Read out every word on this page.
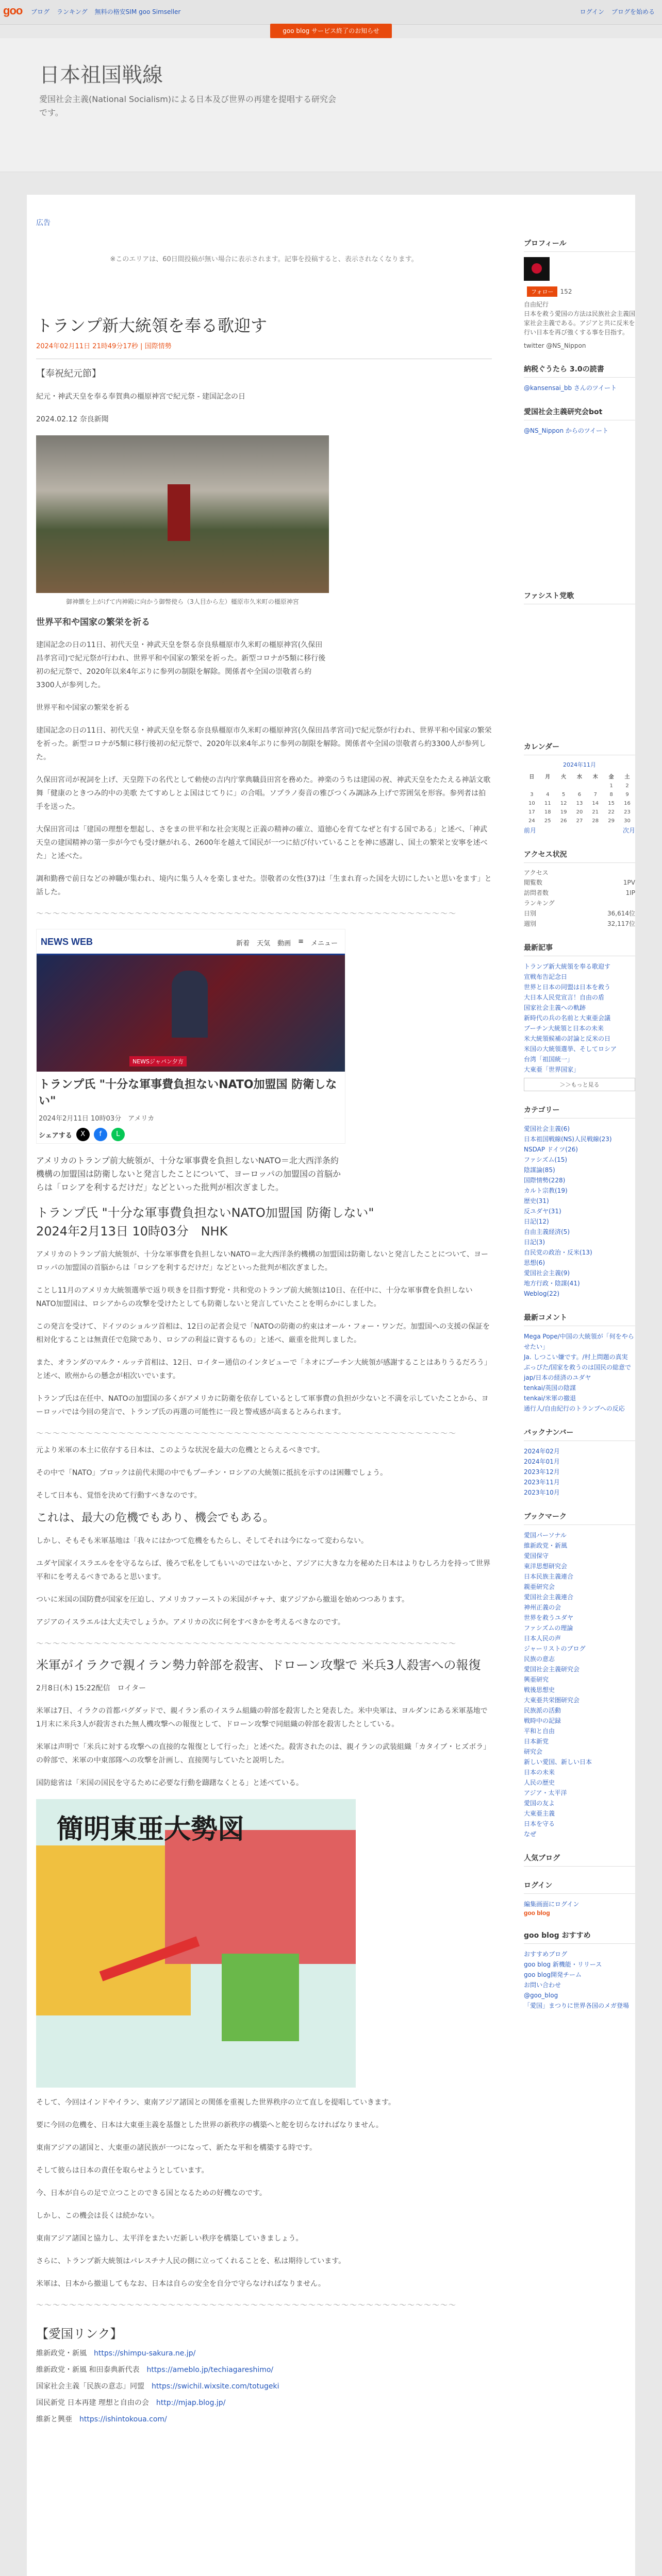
goo ブログ ランキング 無料の格安SIM goo Simseller	ログイン ブログを始める
goo blog サービス終了のお知らせ
日本祖国戦線
愛国社会主義(National Socialism)による日本及び世界の再建を提唱する研究会です。
広告
※このエリアは、60日間投稿が無い場合に表示されます。記事を投稿すると、表示されなくなります。
トランプ新大統領を奉る歌迎す
2024年02月11日 21時49分17秒 | 国際情勢
【奉祝紀元節】
紀元・神武天皇を奉る奉賀典の橿原神宮で紀元祭 - 建国記念の日
2024.02.12 奈良新聞
御神饌を上がげて内神殿に向かう御幣使ら（3人目から左）橿原市久米町の橿原神宮
世界平和や国家の繁栄を祈る
建国記念の日の11日、初代天皇・神武天皇を祭る奈良県橿原市久米町の橿原神宮(久保田昌孝宮司)で紀元祭が行われ、世界平和や国家の繁栄を祈った。新型コロナが5類に移行後初の紀元祭で、2020年以来4年ぶりに参列の制限を解除。関係者や全国の崇敬者ら約3300人が参列した。
世界平和や国家の繁栄を祈る
建国記念の日の11日、初代天皇・神武天皇を祭る奈良県橿原市久米町の橿原神宮(久保田昌孝宮司)で紀元祭が行われ、世界平和や国家の繁栄を祈った。新型コロナが5類に移行後初の紀元祭で、2020年以来4年ぶりに参列の制限を解除。関係者や全国の崇敬者ら約3300人が参列した。
久保田宮司が祝詞を上げ、天皇陛下の名代として勅使の吉内庁掌典職員田宮を務めた。神楽のうちは建国の祝、神武天皇をたたえる神話文歌舞「健康のときつみ的中の美歌 たてすめしとよ国はじてりに」の合唱。ソプラノ奏音の雅びつくみ調詠み上げで雰囲気を形容。参列者は拍手を送った。
大保田宮司は「建国の理想を想起し、さをまの世平和な社会実現と正義の精神の確立、道徳心を育てなぜと有する国である」と述べ、「神武天皇の建国精神の第一歩が今でも受け継がれる、2600年を越えて国民が一つに結び付いていることを神に感謝し、国土の繁栄と安寧を述べた」と述べた。
調和勤務で前日などの神職が集われ、境内に集う人々を楽しませた。崇敬者の女性(37)は「生まれ育った国を大切にしたいと思いをます」と話した。
〜〜〜〜〜〜〜〜〜〜〜〜〜〜〜〜〜〜〜〜〜〜〜〜〜〜〜〜〜〜〜〜〜〜〜〜〜〜〜〜〜〜〜〜〜〜〜〜〜〜〜
NEWS WEB	新着 天気 動画 ≡ メニュー
NEWSジャパン夕方
トランプ氏 "十分な軍事費負担ないNATO加盟国 防衛しない"
2024年2月11日 10時03分　 アメリカ
シェアする	X	f	L
アメリカのトランプ前大統領が、十分な軍事費を負担しないNATO＝北大西洋条約機構の加盟国は防衛しないと発言したことについて、ヨーロッパの加盟国の首脳からは「ロシアを利するだけだ」などといった批判が相次ぎました。
トランプ氏 "十分な軍事費負担ないNATO加盟国 防衛しない"
2024年2月13日 10時03分　NHK
アメリカのトランプ前大統領が、十分な軍事費を負担しないNATO＝北大西洋条約機構の加盟国は防衛しないと発言したことについて、ヨーロッパの加盟国の首脳からは「ロシアを利するだけだ」などといった批判が相次ぎました。
ことし11月のアメリカ大統領選挙で返り咲きを目指す野党・共和党のトランプ前大統領は10日、在任中に、十分な軍事費を負担しないNATO加盟国は、ロシアからの攻撃を受けたとしても防衛しないと発言していたことを明らかにしました。
この発言を受けて、ドイツのショルツ首相は、12日の記者会見で「NATOの防衛の約束はオール・フォー・ワンだ。加盟国への支援の保証を相対化することは無責任で危険であり、ロシアの利益に資するもの」と述べ、厳重を批判しました。
また、オランダのマルク・ルッテ首相は、12日、ロイター通信のインタビューで「ネオにプーチン大統領が感謝することはありうるだろう」と述べ、欧州からの懸念が相次いでいます。
トランプ氏は在任中、NATOの加盟国の多くがアメリカに防衛を依存しているとして軍事費の負担が少ないと不満を示していたことから、ヨーロッパでは今回の発言で、トランプ氏の再選の可能性に一段と警戒感が高まるとみられます。
〜〜〜〜〜〜〜〜〜〜〜〜〜〜〜〜〜〜〜〜〜〜〜〜〜〜〜〜〜〜〜〜〜〜〜〜〜〜〜〜〜〜〜〜〜〜〜〜〜〜〜
元より米軍の本土に依存する日本は、このような状況を最大の危機ととらえるべきです。
その中で「NATO」ブロックは前代未聞の中でもプーチン・ロシアの大統領に抵抗を示すのは困難でしょう。
そして日本も、覚悟を決めて行動すべきなのです。
これは、最大の危機でもあり、機会でもある。
しかし、そもそも米軍基地は「我々にはかつて危機をもたらし、そしてそれは今になって変わらない。
ユダヤ国家イスラエルをを守るならば、後ろで私をしてもいいのではないかと、アジアに大きな力を秘めた日本はよりむしろ力を持って世界平和にを考えるべきであると思います。
ついに米国の国防費が国家を圧迫し、アメリカファーストの米国がチャナ、東アジアから撤退を始めつつあります。
アジアのイスラエルは大丈夫でしょうか。アメリカの次に何をすべきかを考えるべきなのです。
〜〜〜〜〜〜〜〜〜〜〜〜〜〜〜〜〜〜〜〜〜〜〜〜〜〜〜〜〜〜〜〜〜〜〜〜〜〜〜〜〜〜〜〜〜〜〜〜〜〜〜
米軍がイラクで親イラン勢力幹部を殺害、ドローン攻撃で 米兵3人殺害への報復
2月8日(木) 15:22配信　ロイター
米軍は7日、イラクの首都バグダッドで、親イラン系のイスラム組織の幹部を殺害したと発表した。米中央軍は、ヨルダンにある米軍基地で1月末に米兵3人が殺害された無人機攻撃への報復として、ドローン攻撃で同組織の幹部を殺害したとしている。
米軍は声明で「米兵に対する攻撃への直接的な報復として行った」と述べた。殺害されたのは、親イランの武装組織「カタイブ・ヒズボラ」の幹部で、米軍の中東部隊への攻撃を計画し、直接関与していたと説明した。
国防総省は「米国の国民を守るために必要な行動を躊躇なくとる」と述べている。
簡明東亜大勢図
そして、今回はインドやイラン、東南アジア諸国との関係を重視した世界秩序の立て直しを提唱していきます。
要に今回の危機を、日本は大東亜主義を基盤とした世界の新秩序の構築へと舵を切らなければなりません。
東南アジアの諸国と、大東亜の諸民族が一つになって、新たな平和を構築する時です。
そして彼らは日本の責任を取らせようとしています。
今、日本が自らの足で立つことのできる国となるための好機なのです。
しかし、この機会は長くは続かない。
東南アジア諸国と協力し、太平洋をまたいだ新しい秩序を構築していきましょう。
さらに、トランプ新大統領はパレスチナ人民の側に立ってくれることを、私は期待しています。
米軍は、日本から撤退してもなお、日本は自らの安全を自分で守らなければなりません。
〜〜〜〜〜〜〜〜〜〜〜〜〜〜〜〜〜〜〜〜〜〜〜〜〜〜〜〜〜〜〜〜〜〜〜〜〜〜〜〜〜〜〜〜〜〜〜〜〜〜〜
【愛国リンク】
維新政党・新風　 https://shimpu-sakura.ne.jp/
維新政党・新風 和田泰典新代表　 https://ameblo.jp/techiagareshimo/
国家社会主義「民族の意志」同盟　 https://swichil.wixsite.com/totugeki
国民新党 日本再建 理想と自由の会　 http://mjap.blog.jp/
維新と興亜　 https://ishintokoua.com/
プロフィール
フォロー 152
自由紀行
日本を救う愛国の方法は民族社会主義国家社会主義である。アジアと共に反米を行い日本を再び強くする事を目指す。
twitter @NS_Nippon
納税ぐうたら 3.0の読書
@kansensai_bb さんのツイート
愛国社会主義研究会bot
@NS_Nippon からのツイート
ファシスト党歌
カレンダー
2024年11月
日	月	火	水	木	金	土
					1	2
3	4	5	6	7	8	9
10	11	12	13	14	15	16
17	18	19	20	21	22	23
24	25	26	27	28	29	30
前月	次月
アクセス状況
アクセス
閲覧数	1PV
訪問者数	1IP
ランキング
日別	36,614位
週別	32,117位
最新記事
トランプ新大統領を奉る歌迎す
宣戦布告記念日
世界と日本の同盟は日本を救う
大日本人民党宣言！自由の盾
国家社会主義への軌跡
新時代の兵の名前と大東亜会議
ブーチン大統領と日本の未来
米大統領候補の討論と反米の日
米国の大統領選挙、そしてロシア
台湾「祖国統一」
大東亜「世界国家」
＞＞もっと見る
カテゴリー
愛国社会主義(6)
日本祖国戦線(NS)人民戦線(23)
NSDAP ドイツ(26)
ファシズム(15)
陰謀論(85)
国際情勢(228)
カルト宗教(19)
歴史(31)
反ユダヤ(31)
日記(12)
自由主義経済(5)
日記(3)
自民党の政治・反米(13)
思想(6)
愛国社会主義(9)
地方行政・陰謀(41)
Weblog(22)
最新コメント
Mega Pope/中国の大統領が「何をやらせたい」
Ja. しつこい嫌です。/村上問題の真実
ぶっぴた/国家を救うのは国民の総意で
jap/日本の経済のユダヤ
tenkai/英国の陰謀
tenkai/米軍の撤退
通行人/自由紀行のトランプへの反応
バックナンバー
2024年02月
2024年01月
2023年12月
2023年11月
2023年10月
ブックマーク
愛国パーソナル
維新政党・新風
愛国保守
東洋思想研究会
日本民族主義連合
親亜研究会
愛国社会主義連合
神州正義の会
世界を救うユダヤ
ファシズムの理論
日本人民の声
ジャーリストのブログ
民族の意志
愛国社会主義研究会
興亜研究
戦後思想史
大東亜共栄圏研究会
民族派の活動
戦時中の記録
平和と自由
日本新党
研究会
新しい愛国、新しい日本
日本の未来
人民の歴史
アジア・太平洋
愛国の友よ
大東亜主義
日本を守る
なぜ
人気ブログ
ログイン
編集画面にログイン
goo blog
goo blog おすすめ
おすすめブログ
goo blog 新機能・リリース
goo blog開発チーム
お問い合わせ
@goo_blog
「愛国」まつりに世界各国のメガ登場
